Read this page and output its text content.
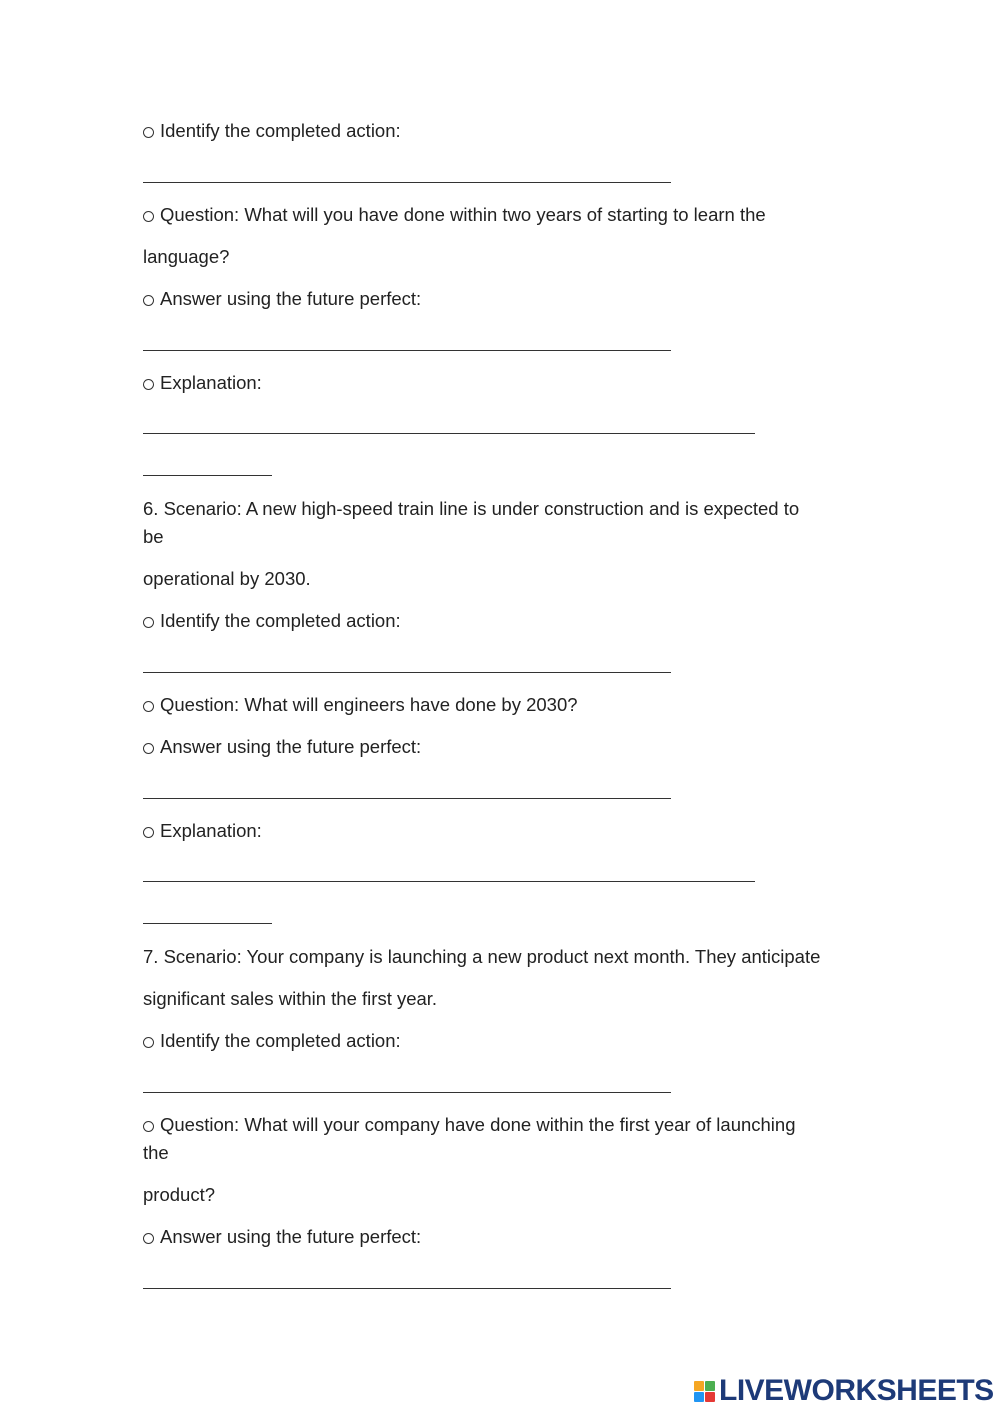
Identify the completed action:
Question: What will you have done within two years of starting to learn the
language?
Answer using the future perfect:
Explanation:
6. Scenario: A new high-speed train line is under construction and is expected to
be
operational by 2030.
Identify the completed action:
Question: What will engineers have done by 2030?
Answer using the future perfect:
Explanation:
7. Scenario: Your company is launching a new product next month. They anticipate
significant sales within the first year.
Identify the completed action:
Question: What will your company have done within the first year of launching
the
product?
Answer using the future perfect:
LIVEWORKSHEETS
